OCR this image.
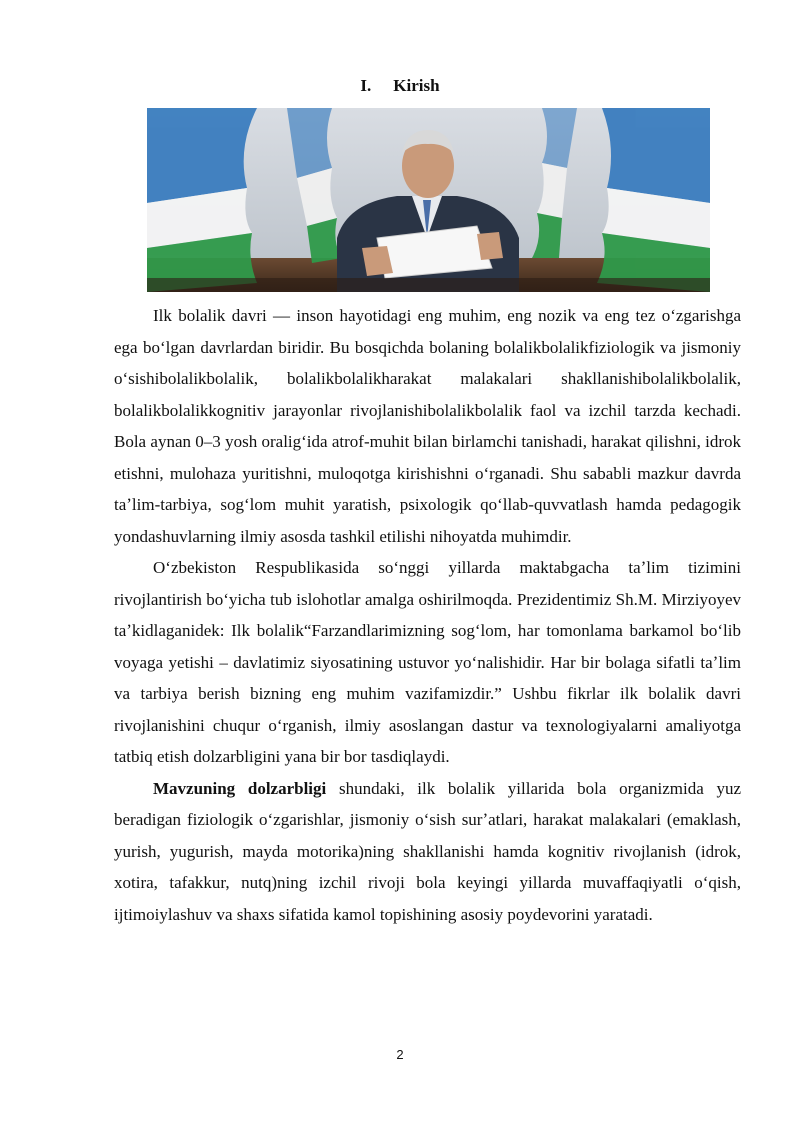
I. Kirish

Ilk bolalik davri — inson hayotidagi eng muhim, eng nozik va eng tez oʻzgarishga ega boʻlgan davrlardan biridir. Bu bosqichda bolaning bolalikbolalikfiziologik va jismoniy oʻsishibolalikbolalik, bolalikbolalikharakat malakalari shakllanishibolalikbolalik, bolalikbolalikkognitiv jarayonlar rivojlanishibolalikbolalik faol va izchil tarzda kechadi. Bola aynan 0–3 yosh oraligʻida atrof-muhit bilan birlamchi tanishadi, harakat qilishni, idrok etishni, mulohaza yuritishni, muloqotga kirishishni oʻrganadi. Shu sababli mazkur davrda taʼlim-tarbiya, sogʻlom muhit yaratish, psixologik qoʻllab-quvvatlash hamda pedagogik yondashuvlarning ilmiy asosda tashkil etilishi nihoyatda muhimdir.

Oʻzbekiston Respublikasida soʻnggi yillarda maktabgacha taʼlim tizimini rivojlantirish boʻyicha tub islohotlar amalga oshirilmoqda. Prezidentimiz Sh.M. Mirziyoyev taʼkidlaganidek: Ilk bolalik“Farzandlarimizning sogʻlom, har tomonlama barkamol boʻlib voyaga yetishi – davlatimiz siyosatining ustuvor yoʻnalishidir. Har bir bolaga sifatli taʼlim va tarbiya berish bizning eng muhim vazifamizdir.” Ushbu fikrlar ilk bolalik davri rivojlanishini chuqur oʻrganish, ilmiy asoslangan dastur va texnologiyalarni amaliyotga tatbiq etish dolzarbligini yana bir bor tasdiqlaydi.

Mavzuning dolzarbligi shundaki, ilk bolalik yillarida bola organizmida yuz beradigan fiziologik oʻzgarishlar, jismoniy oʻsish surʼatlari, harakat malakalari (emaklash, yurish, yugurish, mayda motorika)ning shakllanishi hamda kognitiv rivojlanish (idrok, xotira, tafakkur, nutq)ning izchil rivoji bola keyingi yillarda muvaffaqiyatli oʻqish, ijtimoiylashuv va shaxs sifatida kamol topishining asosiy poydevorini yaratadi.

2
